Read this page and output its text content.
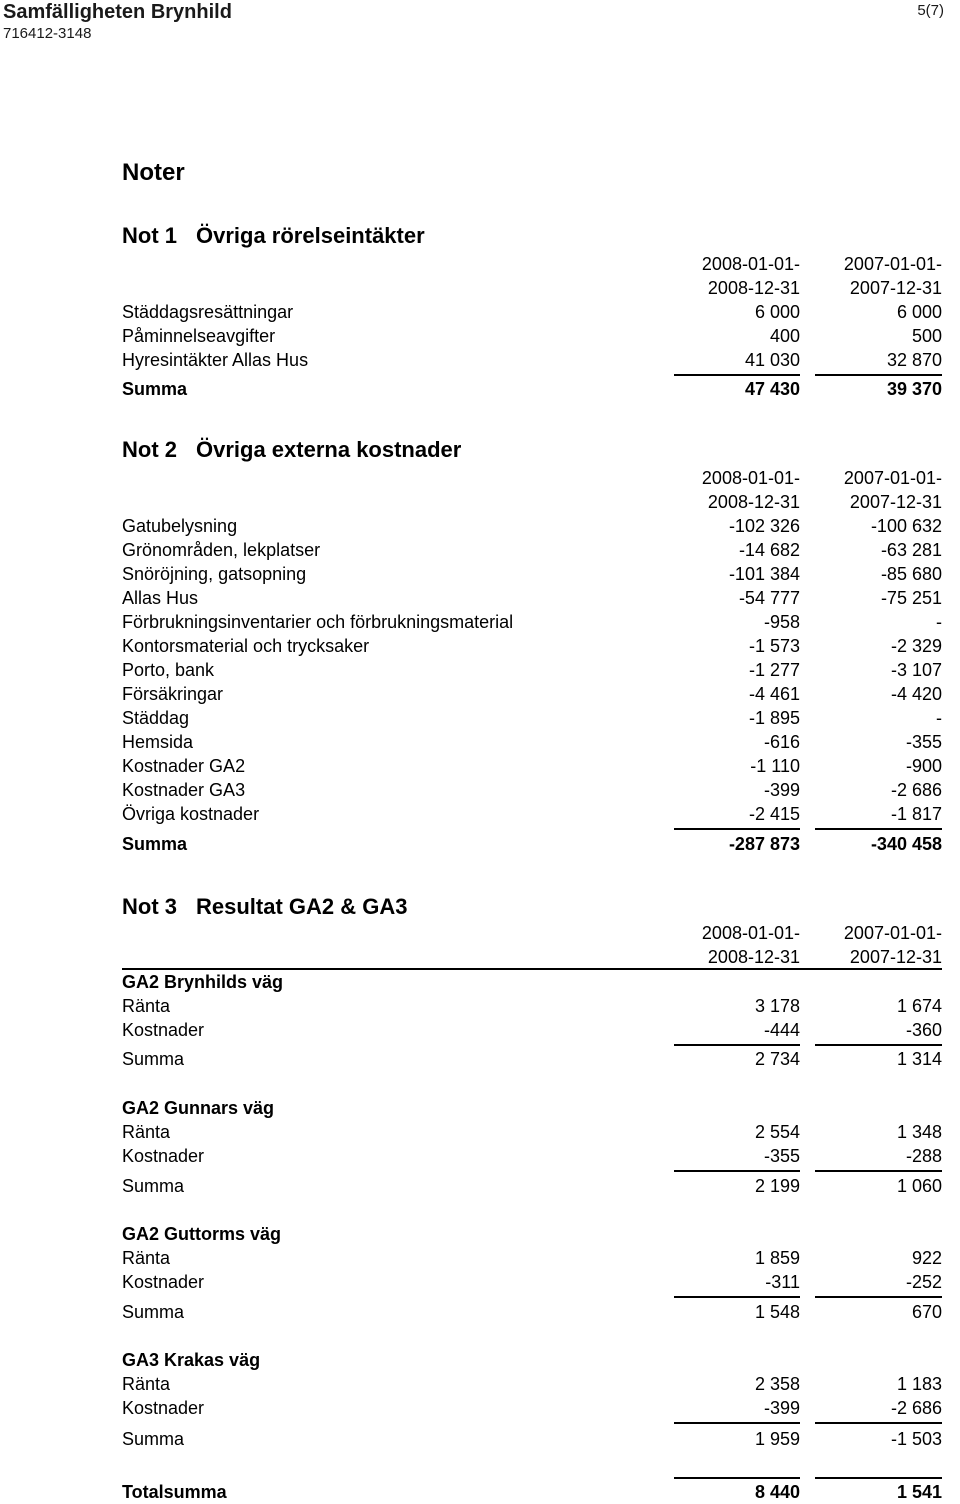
Samfälligheten Brynhild
716412-3148
5(7)
Noter
Not 1 Övriga rörelseintäkter
2008-01-01- 2007-01-01-
2008-12-31	2007-12-31
Städdagsresättningar	6 000	6 000
Påminnelseavgifter	400	500
Hyresintäkter Allas Hus	41 030	32 870
Summa	47 430	39 370
Not 2 Övriga externa kostnader
2008-01-01- 2007-01-01-
2008-12-31	2007-12-31
Gatubelysning	-102 326	-100 632
Grönområden, lekplatser	-14 682	-63 281
Snöröjning, gatsopning	-101 384	-85 680
Allas Hus	-54 777	-75 251
Förbrukningsinventarier och förbrukningsmaterial	-958	-
Kontorsmaterial och trycksaker	-1 573	-2 329
Porto, bank	-1 277	-3 107
Försäkringar	-4 461	-4 420
Städdag	-1 895	-
Hemsida	-616	-355
Kostnader GA2	-1 110	-900
Kostnader GA3	-399	-2 686
Övriga kostnader	-2 415	-1 817
Summa	-287 873	-340 458
Not 3 Resultat GA2 & GA3
2008-01-01- 2007-01-01-
2008-12-31	2007-12-31
GA2 Brynhilds väg
Ränta	3 178	1 674
Kostnader	-444	-360
Summa	2 734	1 314
GA2 Gunnars väg
Ränta	2 554	1 348
Kostnader	-355	-288
Summa	2 199	1 060
GA2 Guttorms väg
Ränta	1 859	922
Kostnader	-311	-252
Summa	1 548	670
GA3 Krakas väg
Ränta	2 358	1 183
Kostnader	-399	-2 686
Summa	1 959	-1 503
Totalsumma	8 440	1 541
